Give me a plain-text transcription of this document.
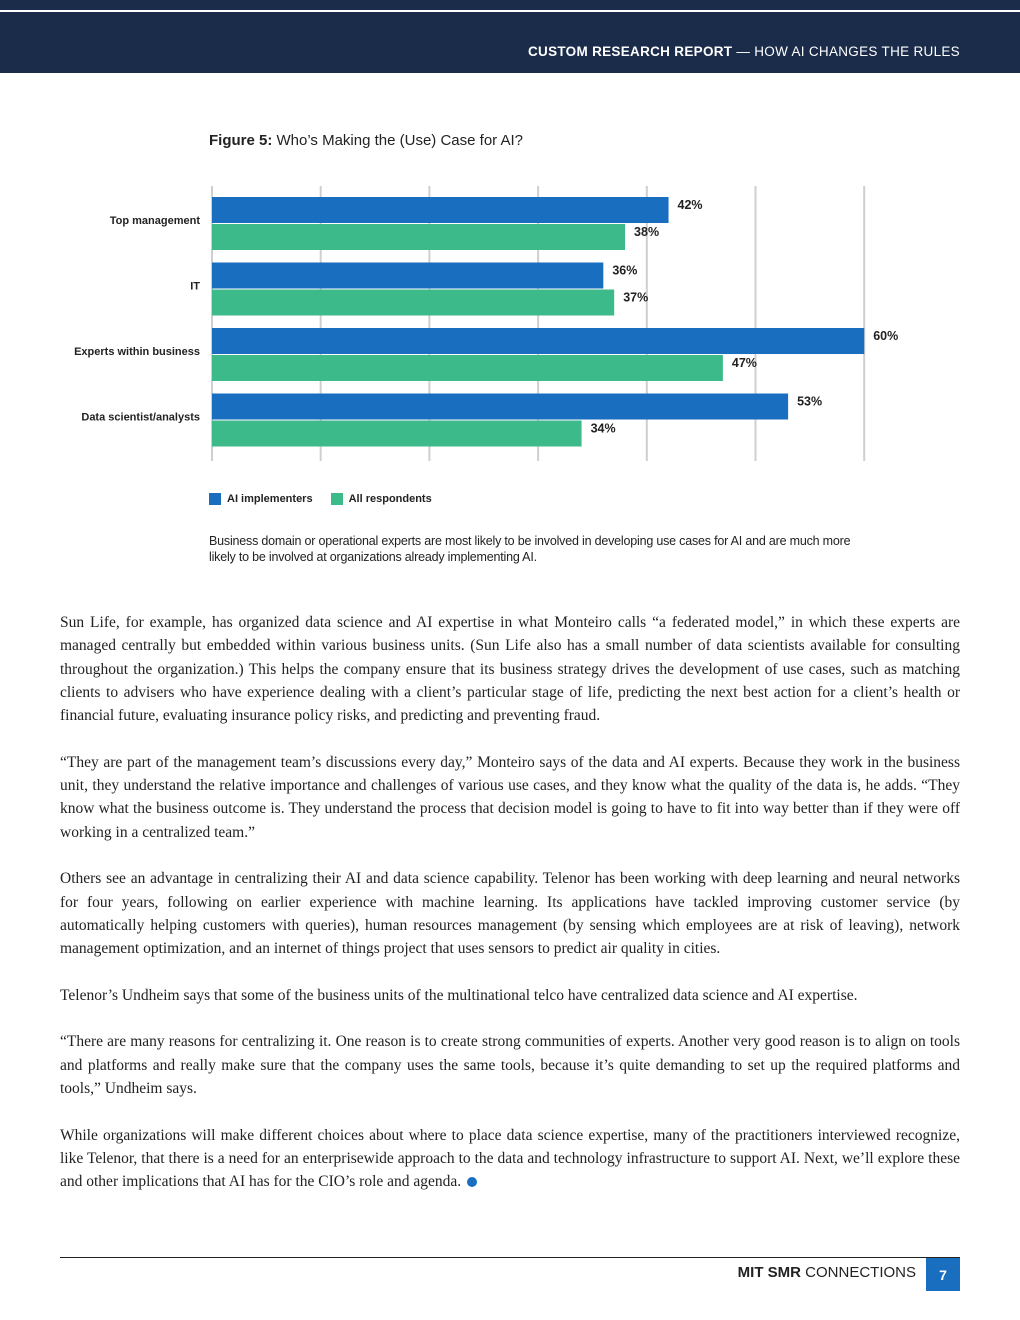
CUSTOM RESEARCH REPORT — HOW AI CHANGES THE RULES
Figure 5: Who’s Making the (Use) Case for AI?
Top management
42%
38%
IT
36%
37%
Experts within business
60%
47%
Data scientist/analysts
53%
34%
AI implementers	All respondents
Business domain or operational experts are most likely to be involved in developing use cases for AI and are much more likely to be involved at organizations already implementing AI.

Sun Life, for example, has organized data science and AI expertise in what Monteiro calls “a federated model,” in which these experts are managed centrally but embedded within various business units. (Sun Life also has a small number of data scientists available for consulting throughout the organization.) This helps the company ensure that its business strategy drives the development of use cases, such as matching clients to advisers who have experience dealing with a client’s particular stage of life, predicting the next best action for a client’s health or financial future, evaluating insurance policy risks, and predicting and preventing fraud.

“They are part of the management team’s discussions every day,” Monteiro says of the data and AI experts. Because they work in the business unit, they understand the relative importance and challenges of various use cases, and they know what the quality of the data is, he adds. “They know what the business outcome is. They understand the process that decision model is going to have to fit into way better than if they were off working in a centralized team.”

Others see an advantage in centralizing their AI and data science capability. Telenor has been working with deep learning and neural networks for four years, following on earlier experience with machine learning. Its applications have tackled improving customer service (by automatically helping customers with queries), human resources management (by sensing which employees are at risk of leaving), network management optimization, and an internet of things project that uses sensors to predict air quality in cities.

Telenor’s Undheim says that some of the business units of the multinational telco have centralized data science and AI expertise.

“There are many reasons for centralizing it. One reason is to create strong communities of experts. Another very good reason is to align on tools and platforms and really make sure that the company uses the same tools, because it’s quite demanding to set up the required platforms and tools,” Undheim says.

While organizations will make different choices about where to place data science expertise, many of the practitioners interviewed recognize, like Telenor, that there is a need for an enterprisewide approach to the data and technology infrastructure to support AI. Next, we’ll explore these and other implications that AI has for the CIO’s role and agenda.

MIT SMR CONNECTIONS	7
